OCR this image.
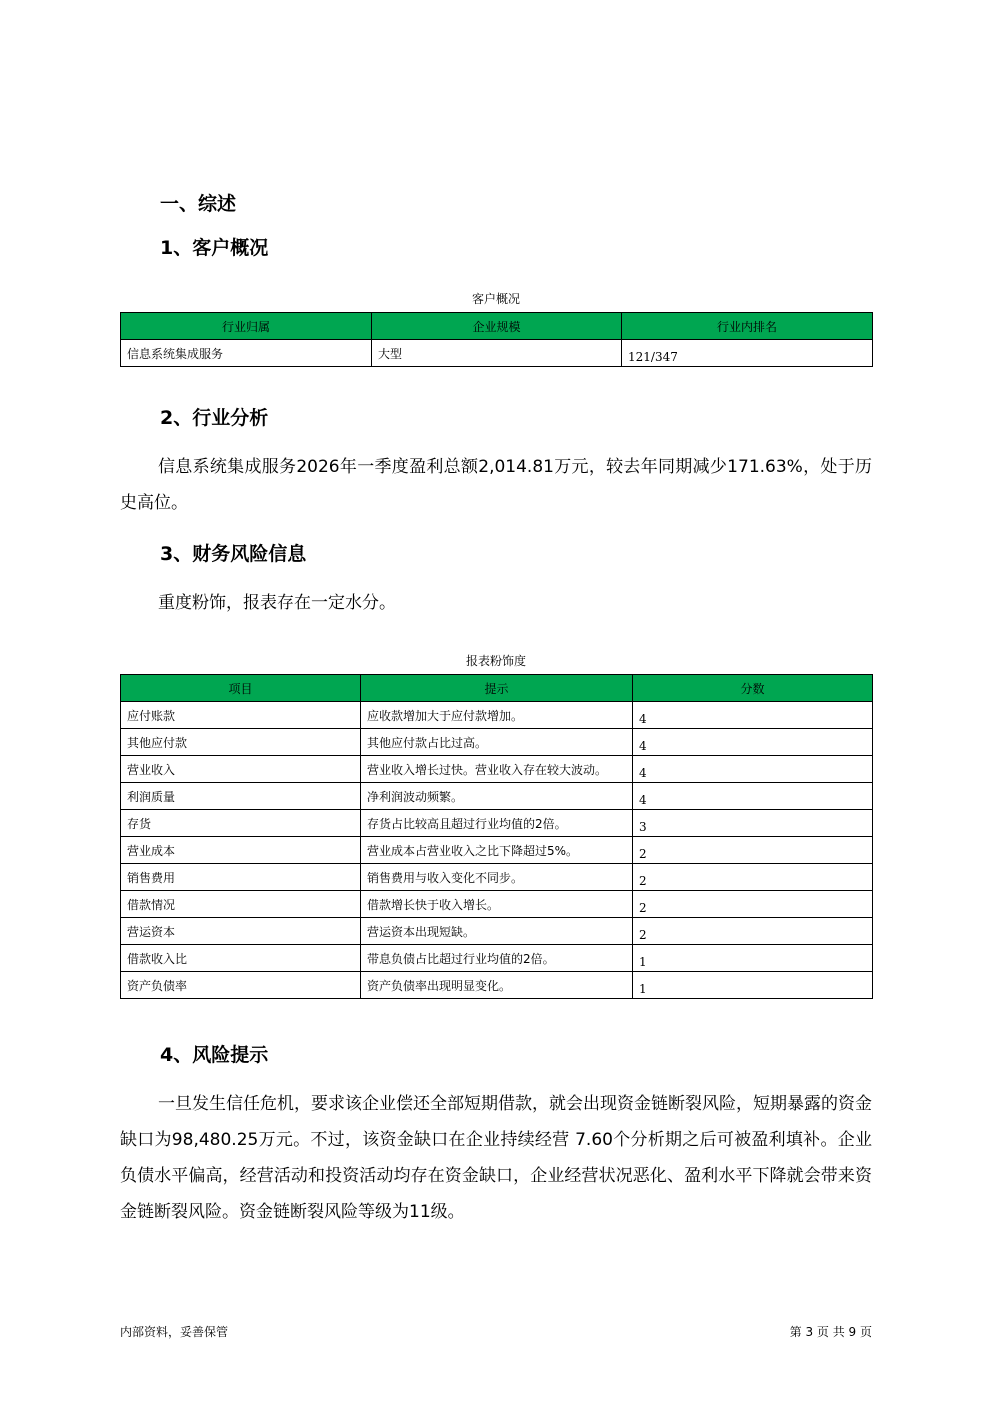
一、综述
1、客户概况
客户概况
行业归属	企业规模	行业内排名

信息系统集成服务	大型	121/347
2、行业分析

信息系统集成服务2026年一季度盈利总额2,014.81万元，较去年同期减少171.63%，处于历史高位。

3、财务风险信息

重度粉饰，报表存在一定水分。

报表粉饰度
项目	提示	分数

应付账款	应收款增加大于应付款增加。	4

其他应付款	其他应付款占比过高。	4

营业收入	营业收入增长过快。营业收入存在较大波动。	4

利润质量	净利润波动频繁。	4

存货	存货占比较高且超过行业均值的2倍。	3

营业成本	营业成本占营业收入之比下降超过5%。	2

销售费用	销售费用与收入变化不同步。	2

借款情况	借款增长快于收入增长。	2

营运资本	营运资本出现短缺。	2

借款收入比	带息负债占比超过行业均值的2倍。	1

资产负债率	资产负债率出现明显变化。	1
4、风险提示

一旦发生信任危机，要求该企业偿还全部短期借款，就会出现资金链断裂风险，短期暴露的资金缺口为98,480.25万元。不过，该资金缺口在企业持续经营 7.60个分析期之后可被盈利填补。企业负债水平偏高，经营活动和投资活动均存在资金缺口，企业经营状况恶化、盈利水平下降就会带来资金链断裂风险。资金链断裂风险等级为11级。

内部资料，妥善保管	第 3 页 共 9 页
